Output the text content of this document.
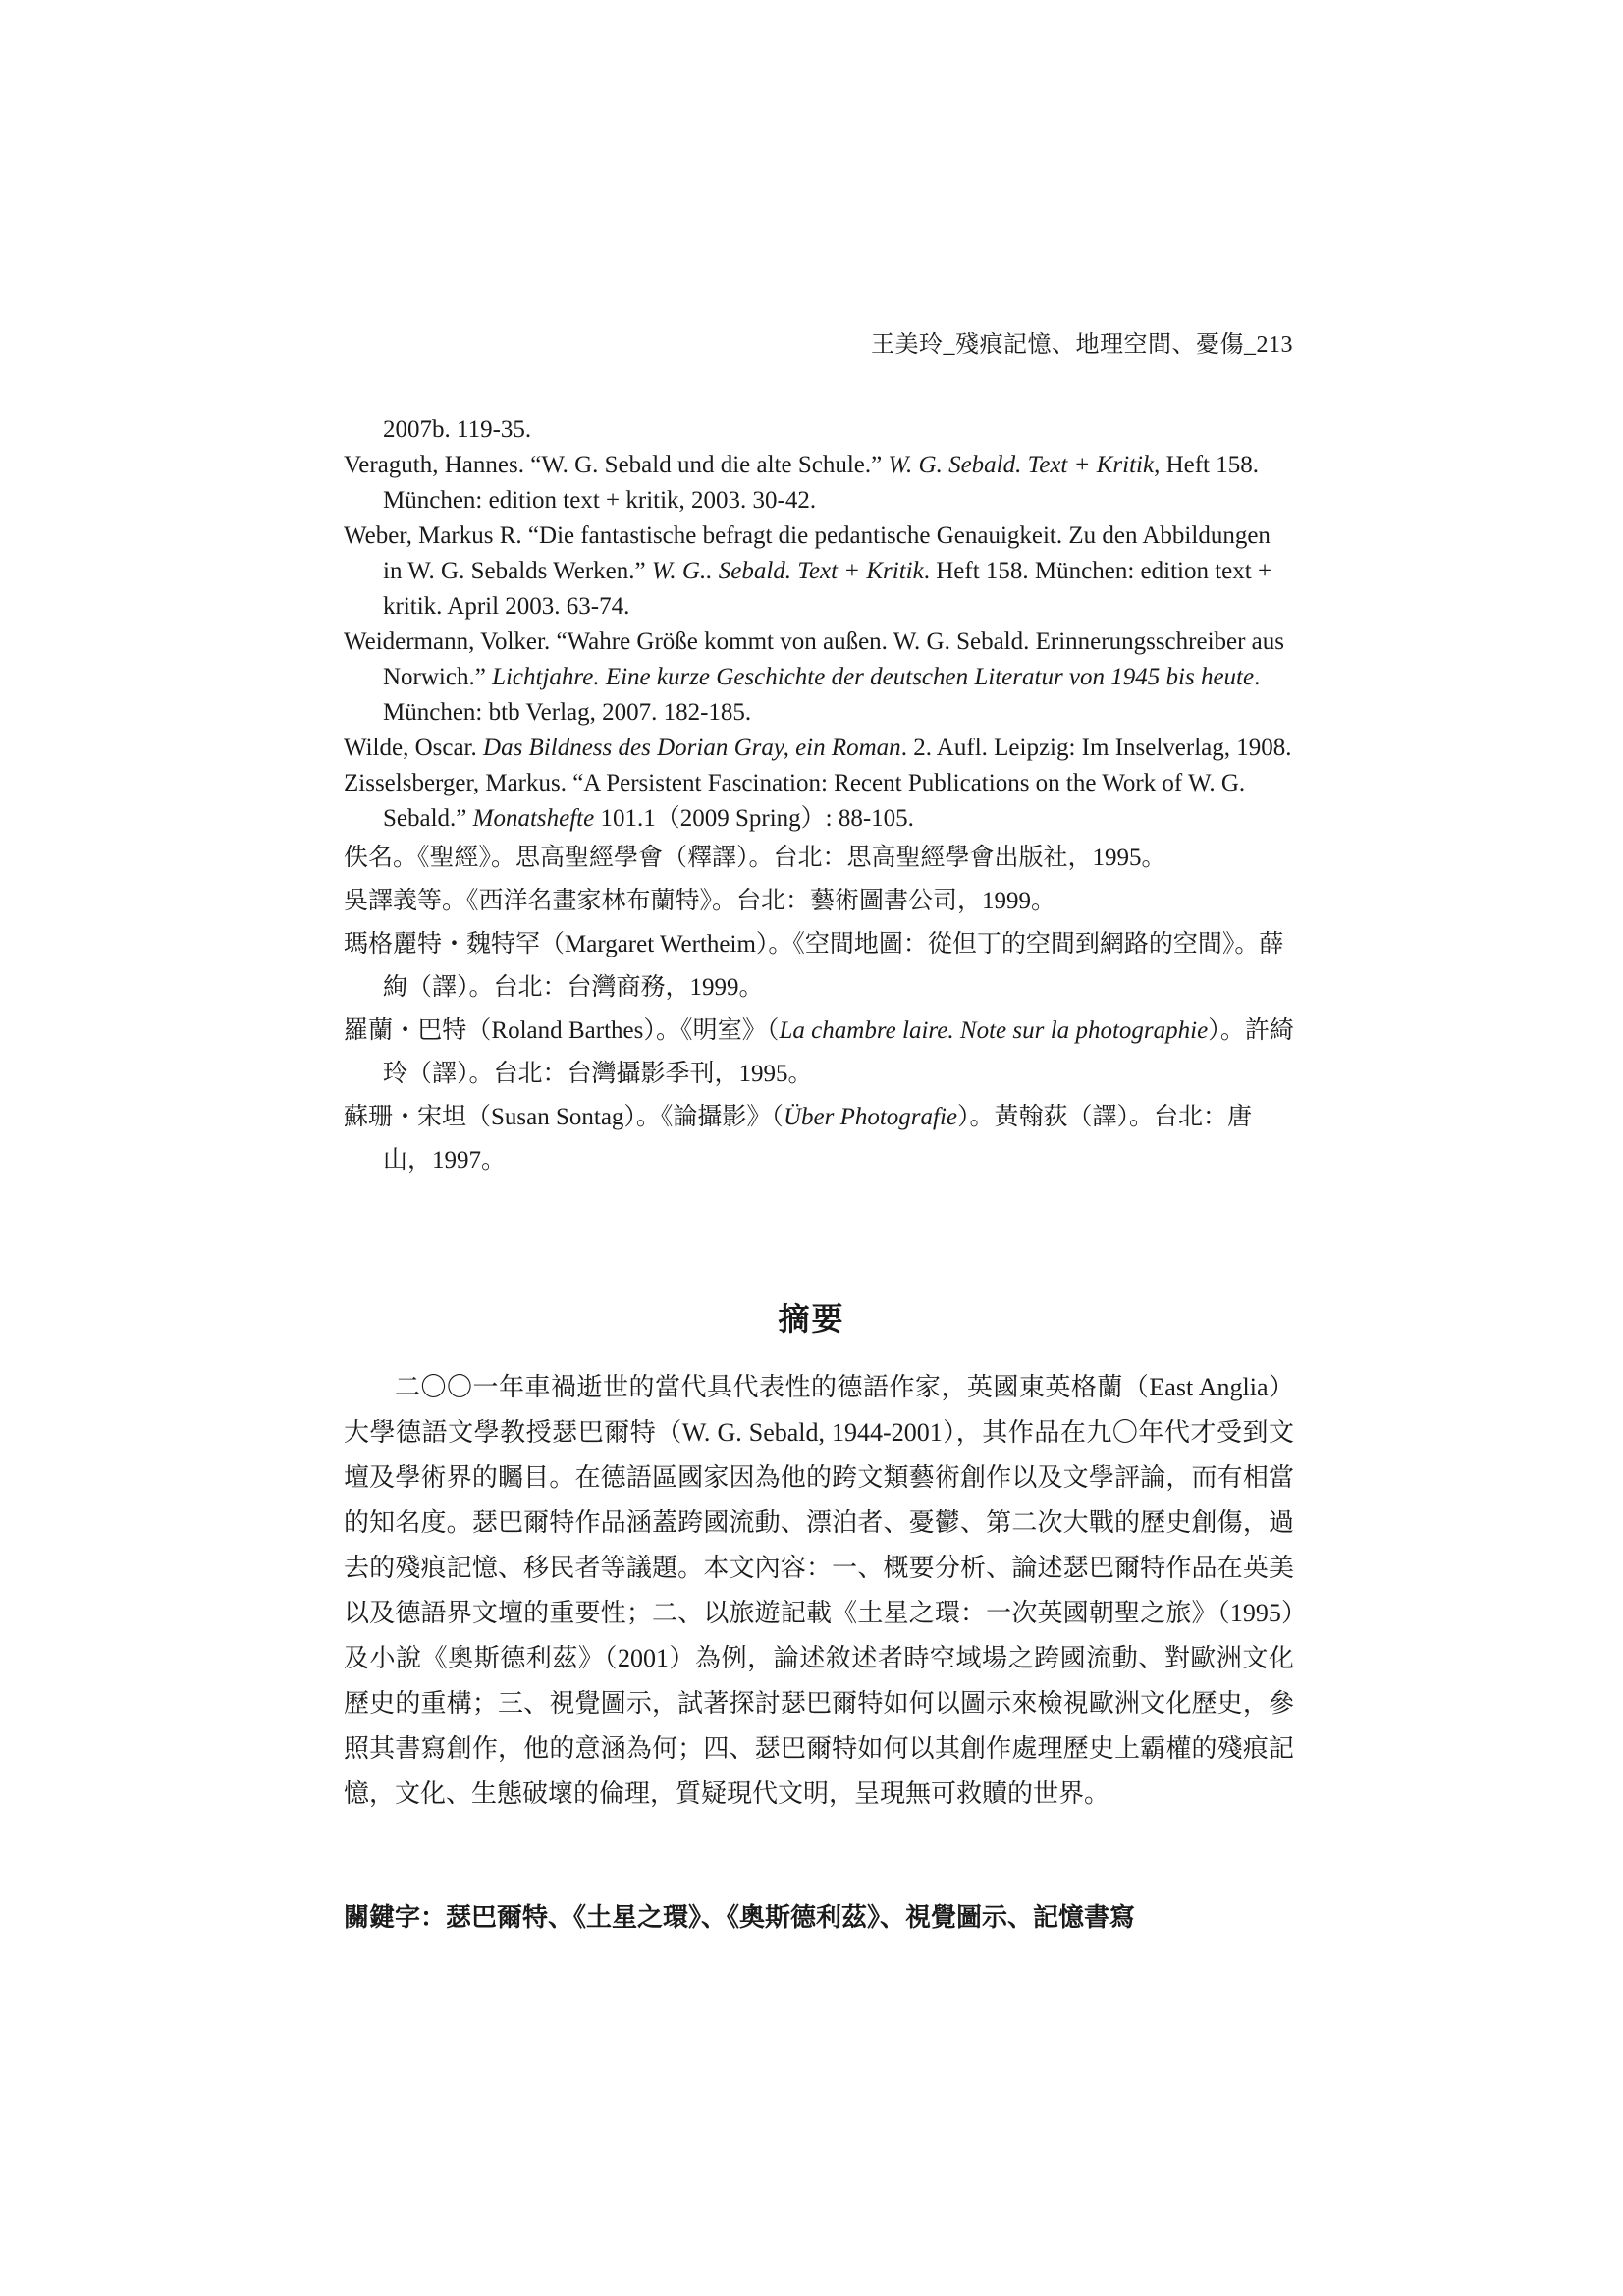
王美玲_殘痕記憶、地理空間、憂傷_213

2007b. 119-35.

Veraguth, Hannes. “W. G. Sebald und die alte Schule.” W. G. Sebald. Text + Kritik, Heft 158. München: edition text + kritik, 2003. 30-42.

Weber, Markus R. “Die fantastische befragt die pedantische Genauigkeit. Zu den Abbildungen in W. G. Sebalds Werken.” W. G.. Sebald. Text + Kritik. Heft 158. München: edition text + kritik. April 2003. 63-74.

Weidermann, Volker. “Wahre Größe kommt von außen. W. G. Sebald. Erinnerungsschreiber aus Norwich.” Lichtjahre. Eine kurze Geschichte der deutschen Literatur von 1945 bis heute. München: btb Verlag, 2007. 182-185.

Wilde, Oscar. Das Bildness des Dorian Gray, ein Roman. 2. Aufl. Leipzig: Im Inselverlag, 1908.

Zisselsberger, Markus. “A Persistent Fascination: Recent Publications on the Work of W. G. Sebald.” Monatshefte 101.1（2009 Spring）: 88-105.

佚名。《聖經》。思高聖經學會（釋譯）。台北：思高聖經學會出版社，1995。

吳譯義等。《西洋名畫家林布蘭特》。台北：藝術圖書公司，1999。

瑪格麗特・魏特罕（Margaret Wertheim）。《空間地圖：從但丁的空間到網路的空間》。薛絢（譯）。台北：台灣商務，1999。

羅蘭・巴特（Roland Barthes）。《明室》（La chambre laire. Note sur la photographie）。許綺玲（譯）。台北：台灣攝影季刊，1995。

蘇珊・宋坦（Susan Sontag）。《論攝影》（Über Photografie）。黃翰荻（譯）。台北：唐山，1997。

摘要
二〇〇一年車禍逝世的當代具代表性的德語作家，英國東英格蘭（East Anglia）大學德語文學教授瑟巴爾特（W. G. Sebald, 1944-2001），其作品在九〇年代才受到文壇及學術界的矚目。在德語區國家因為他的跨文類藝術創作以及文學評論，而有相當的知名度。瑟巴爾特作品涵蓋跨國流動、漂泊者、憂鬱、第二次大戰的歷史創傷，過去的殘痕記憶、移民者等議題。本文內容：一、概要分析、論述瑟巴爾特作品在英美以及德語界文壇的重要性；二、以旅遊記載《土星之環：一次英國朝聖之旅》（1995）及小說《奧斯德利茲》（2001）為例，論述敘述者時空域場之跨國流動、對歐洲文化歷史的重構；三、視覺圖示，試著探討瑟巴爾特如何以圖示來檢視歐洲文化歷史，參照其書寫創作，他的意涵為何；四、瑟巴爾特如何以其創作處理歷史上霸權的殘痕記憶，文化、生態破壞的倫理，質疑現代文明，呈現無可救贖的世界。
關鍵字：瑟巴爾特、《土星之環》、《奧斯德利茲》、視覺圖示、記憶書寫
